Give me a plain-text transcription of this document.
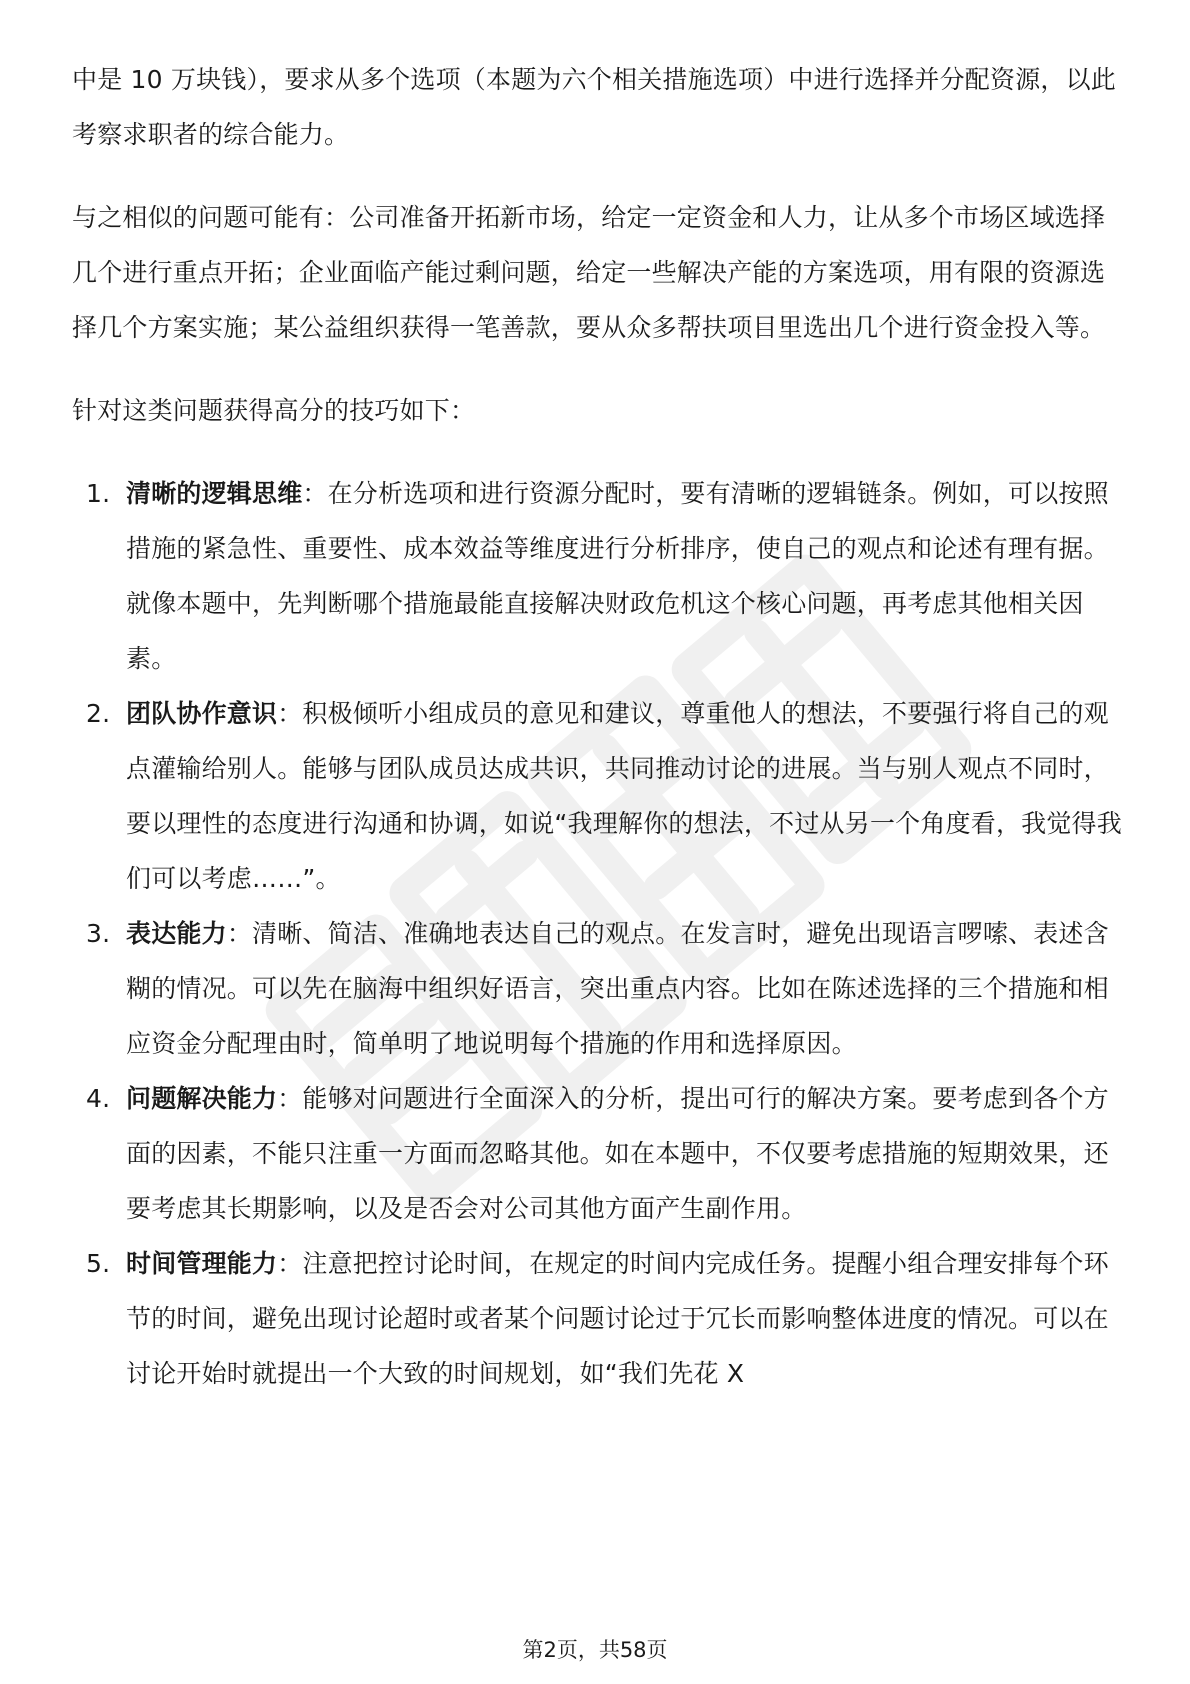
中是 10 万块钱），要求从多个选项（本题为六个相关措施选项）中进行选择并分配资源，以此考察求职者的综合能力。

与之相似的问题可能有：公司准备开拓新市场，给定一定资金和人力，让从多个市场区域选择几个进行重点开拓；企业面临产能过剩问题，给定一些解决产能的方案选项，用有限的资源选择几个方案实施；某公益组织获得一笔善款，要从众多帮扶项目里选出几个进行资金投入等。

针对这类问题获得高分的技巧如下：

1. 清晰的逻辑思维：在分析选项和进行资源分配时，要有清晰的逻辑链条。例如，可以按照措施的紧急性、重要性、成本效益等维度进行分析排序，使自己的观点和论述有理有据。就像本题中，先判断哪个措施最能直接解决财政危机这个核心问题，再考虑其他相关因素。
2. 团队协作意识：积极倾听小组成员的意见和建议，尊重他人的想法，不要强行将自己的观点灌输给别人。能够与团队成员达成共识，共同推动讨论的进展。当与别人观点不同时，要以理性的态度进行沟通和协调，如说“我理解你的想法，不过从另一个角度看，我觉得我们可以考虑……”。
3. 表达能力：清晰、简洁、准确地表达自己的观点。在发言时，避免出现语言啰嗦、表述含糊的情况。可以先在脑海中组织好语言，突出重点内容。比如在陈述选择的三个措施和相应资金分配理由时，简单明了地说明每个措施的作用和选择原因。
4. 问题解决能力：能够对问题进行全面深入的分析，提出可行的解决方案。要考虑到各个方面的因素，不能只注重一方面而忽略其他。如在本题中，不仅要考虑措施的短期效果，还要考虑其长期影响，以及是否会对公司其他方面产生副作用。
5. 时间管理能力：注意把控讨论时间，在规定的时间内完成任务。提醒小组合理安排每个环节的时间，避免出现讨论超时或者某个问题讨论过于冗长而影响整体进度的情况。可以在讨论开始时就提出一个大致的时间规划，如“我们先花 X
第2页，共58页
